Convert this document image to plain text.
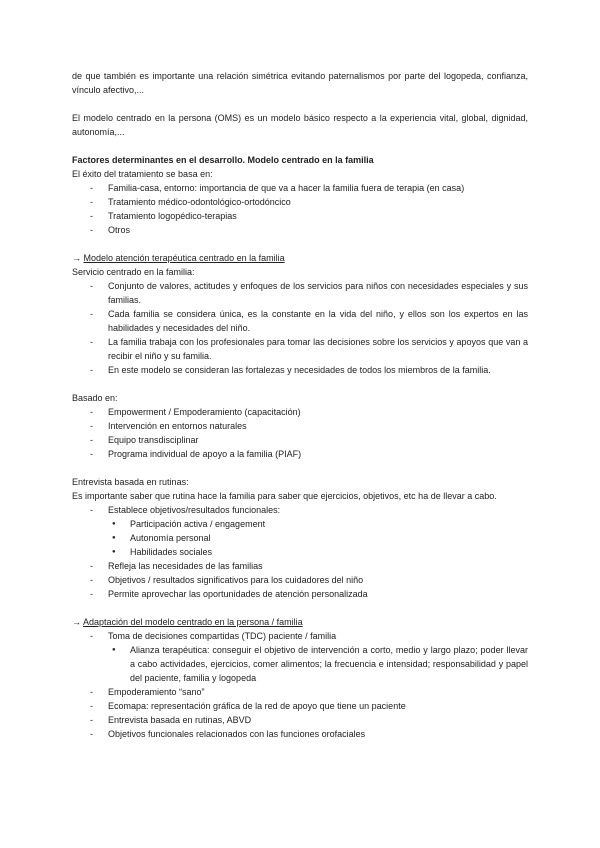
de que también es importante una relación simétrica evitando paternalismos por parte del logopeda, confianza, vínculo afectivo,...

El modelo centrado en la persona (OMS) es un modelo básico respecto a la experiencia vital, global, dignidad, autonomía,...

Factores determinantes en el desarrollo. Modelo centrado en la familia

El éxito del tratamiento se basa en:

- Familia-casa, entorno: importancia de que va a hacer la familia fuera de terapia (en casa)
- Tratamiento médico-odontológico-ortodóncico
- Tratamiento logopédico-terapias
- Otros

→ Modelo atención terapéutica centrado en la familia

Servicio centrado en la familia:

- Conjunto de valores, actitudes y enfoques de los servicios para niños con necesidades especiales y sus familias.
- Cada familia se considera única, es la constante en la vida del niño, y ellos son los expertos en las habilidades y necesidades del niño.
- La familia trabaja con los profesionales para tomar las decisiones sobre los servicios y apoyos que van a recibir el niño y su familia.
- En este modelo se consideran las fortalezas y necesidades de todos los miembros de la familia.

Basado en:

- Empowerment / Empoderamiento (capacitación)
- Intervención en entornos naturales
- Equipo transdisciplinar
- Programa individual de apoyo a la familia (PIAF)

Entrevista basada en rutinas:

Es importante saber que rutina hace la familia para saber que ejercicios, objetivos, etc ha de llevar a cabo.

- Establece objetivos/resultados funcionales:
● Participación activa / engagement
● Autonomía personal
● Habilidades sociales
- Refleja las necesidades de las familias
- Objetivos / resultados significativos para los cuidadores del niño
- Permite aprovechar las oportunidades de atención personalizada

→ Adaptación del modelo centrado en la persona / familia

- Toma de decisiones compartidas (TDC) paciente / familia
● Alianza terapéutica: conseguir el objetivo de intervención a corto, medio y largo plazo; poder llevar a cabo actividades, ejercicios, comer alimentos; la frecuencia e intensidad; responsabilidad y papel del paciente, familia y logopeda
- Empoderamiento “sano”
- Ecomapa: representación gráfica de la red de apoyo que tiene un paciente
- Entrevista basada en rutinas, ABVD
- Objetivos funcionales relacionados con las funciones orofaciales
